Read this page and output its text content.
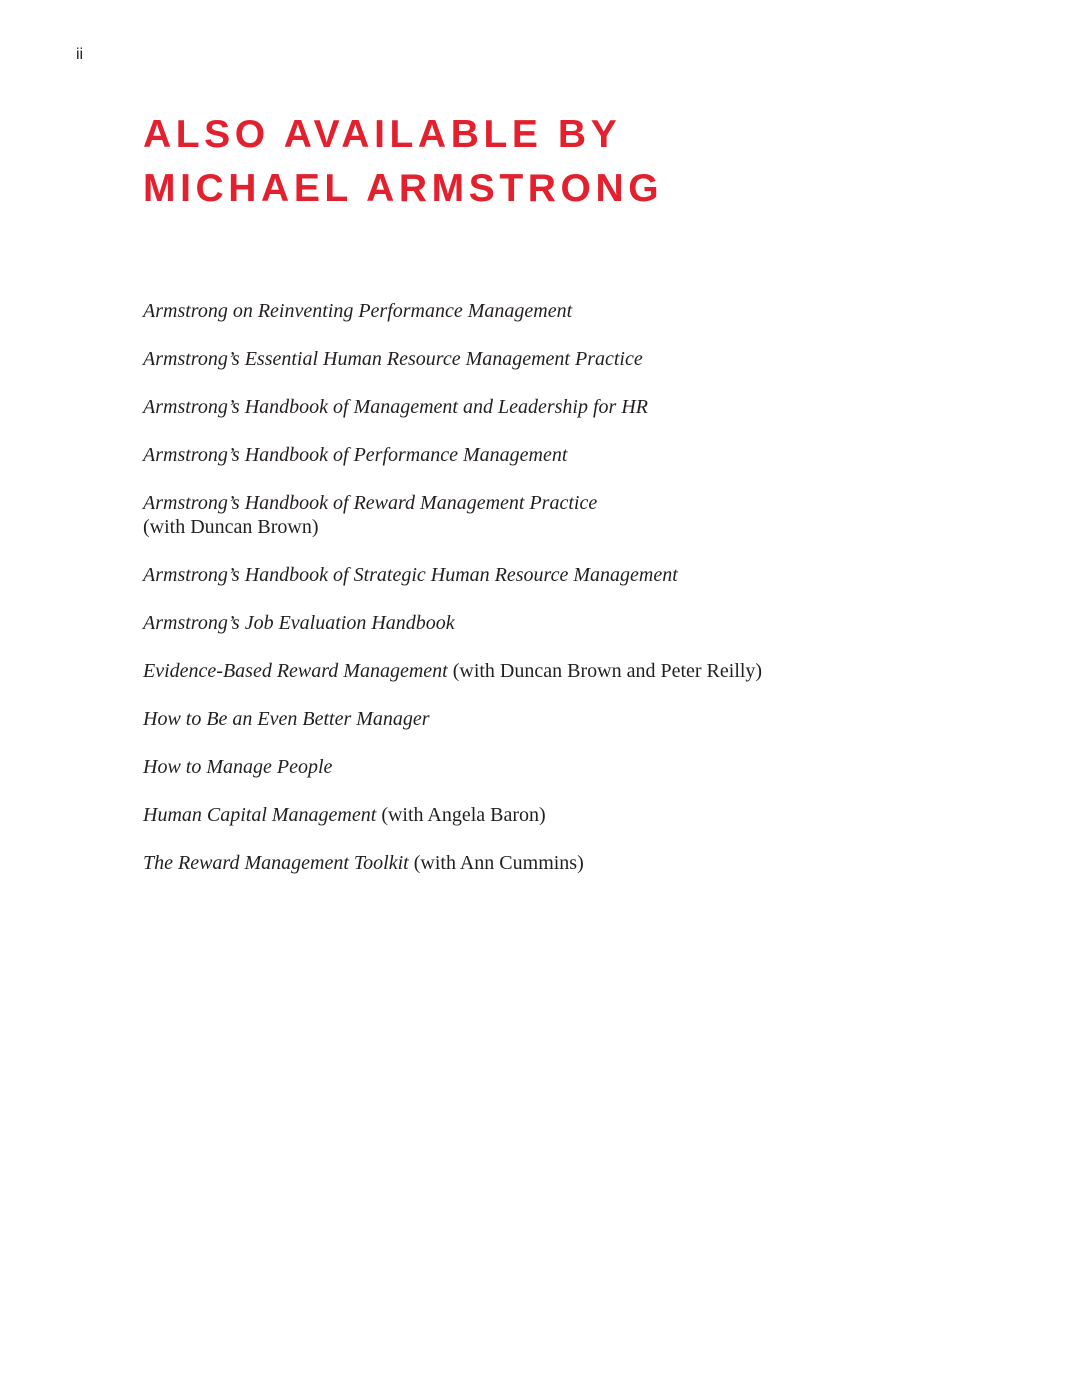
ii
ALSO AVAILABLE BY
MICHAEL ARMSTRONG
Armstrong on Reinventing Performance Management
Armstrong’s Essential Human Resource Management Practice
Armstrong’s Handbook of Management and Leadership for HR
Armstrong’s Handbook of Performance Management
Armstrong’s Handbook of Reward Management Practice
(with Duncan Brown)
Armstrong’s Handbook of Strategic Human Resource Management
Armstrong’s Job Evaluation Handbook
Evidence-Based Reward Management (with Duncan Brown and Peter Reilly)
How to Be an Even Better Manager
How to Manage People
Human Capital Management (with Angela Baron)
The Reward Management Toolkit (with Ann Cummins)
